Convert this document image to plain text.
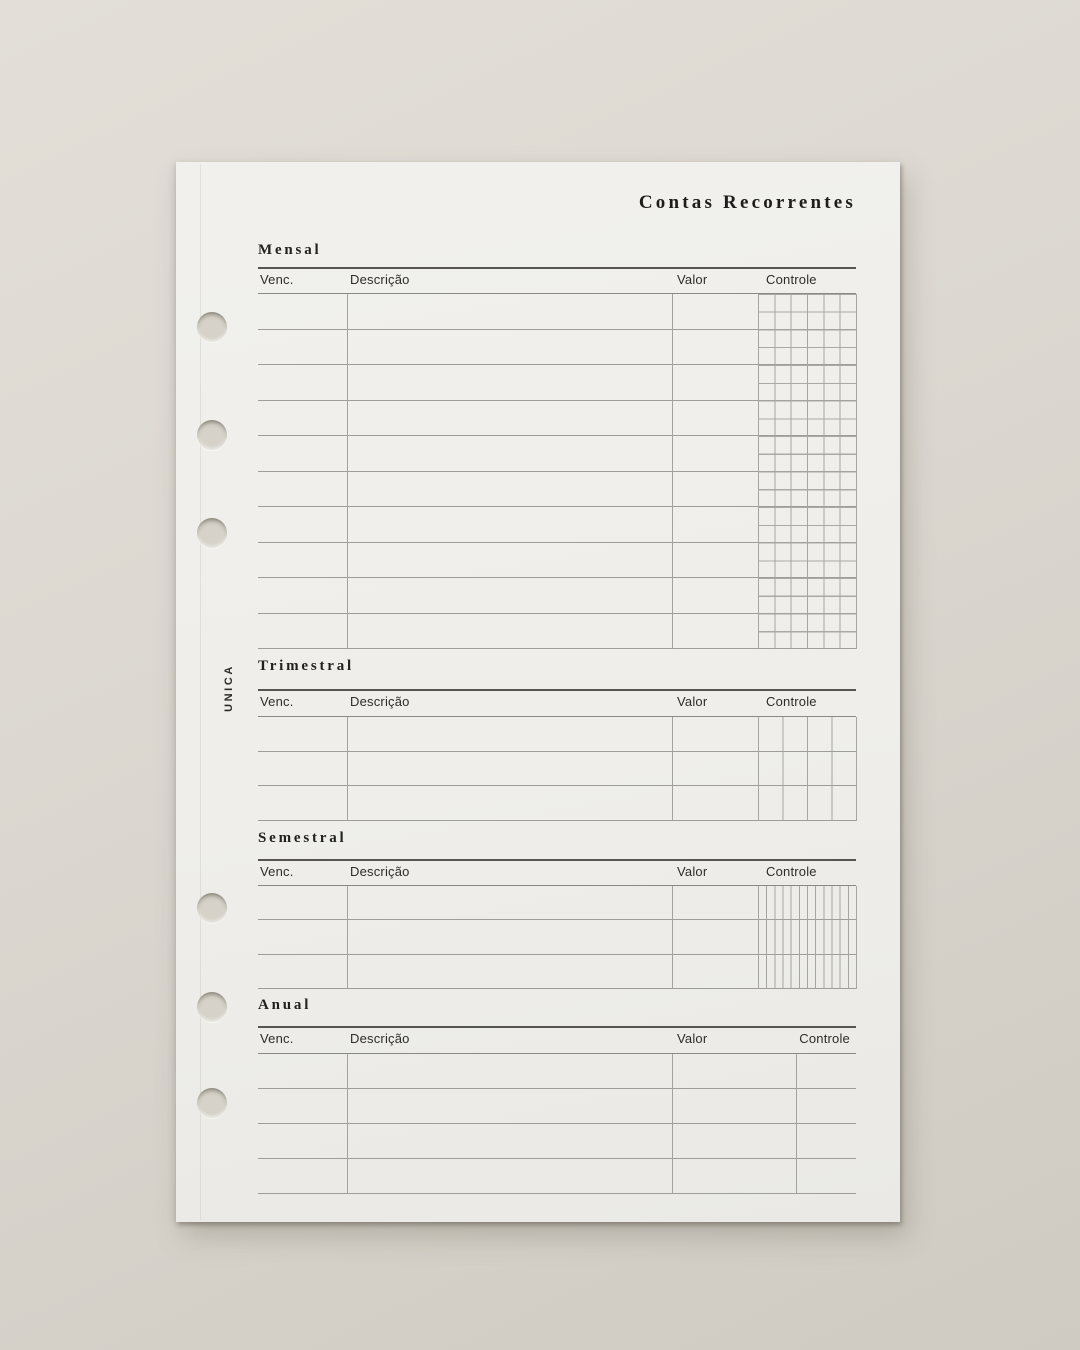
UNICA
Contas Recorrentes
Mensal
Venc.	Descrição	Valor	Controle
Trimestral
Venc.	Descrição	Valor	Controle
Semestral
Venc.	Descrição	Valor	Controle
Anual
Venc.	Descrição	Valor	Controle
